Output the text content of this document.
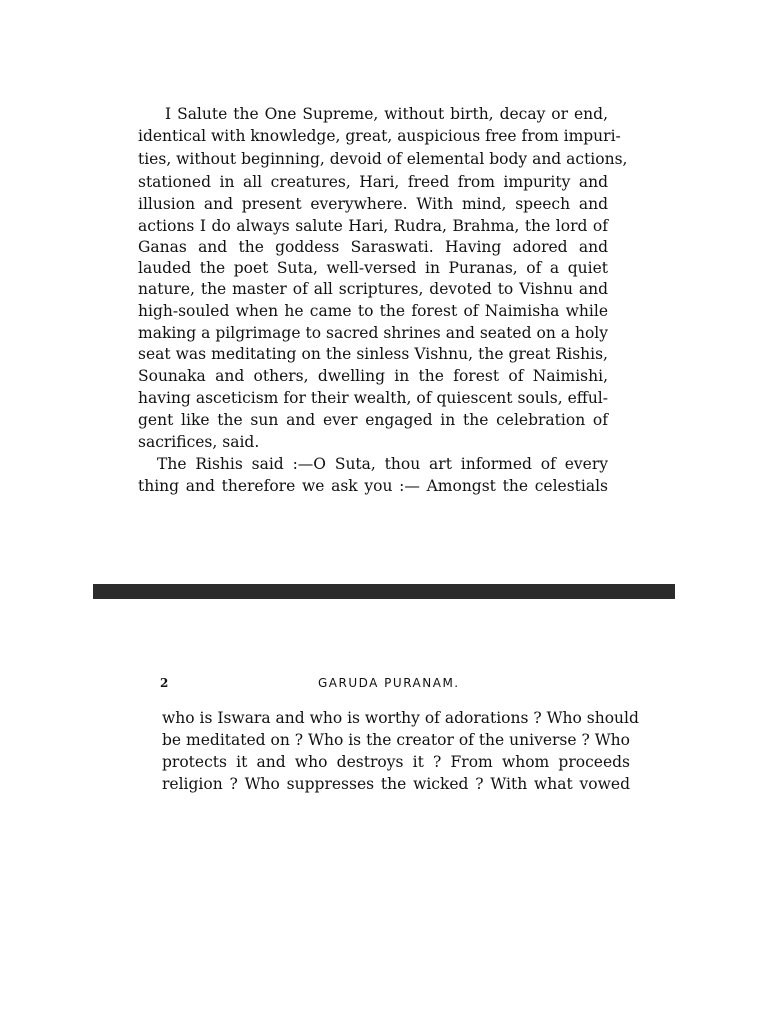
I Salute the One Supreme, without birth, decay or end,
identical with knowledge, great, auspicious free from impuri-
ties, without beginning, devoid of elemental body and actions,
stationed in all creatures, Hari, freed from impurity and
illusion and present everywhere. With mind, speech and
actions I do always salute Hari, Rudra, Brahma, the lord of
Ganas and the goddess Saraswati. Having adored and
lauded the poet Suta, well-versed in Puranas, of a quiet
nature, the master of all scriptures, devoted to Vishnu and
high-souled when he came to the forest of Naimisha while
making a pilgrimage to sacred shrines and seated on a holy
seat was meditating on the sinless Vishnu, the great Rishis,
Sounaka and others, dwelling in the forest of Naimishi,
having asceticism for their wealth, of quiescent souls, efful-
gent like the sun and ever engaged in the celebration of
sacrifices, said.
The Rishis said :—O Suta, thou art informed of every
thing and therefore we ask you :— Amongst the celestials
2	GARUDA PURANAM.
who is Iswara and who is worthy of adorations ? Who should
be meditated on ? Who is the creator of the universe ? Who
protects it and who destroys it ? From whom proceeds
religion ? Who suppresses the wicked ? With what vowed
